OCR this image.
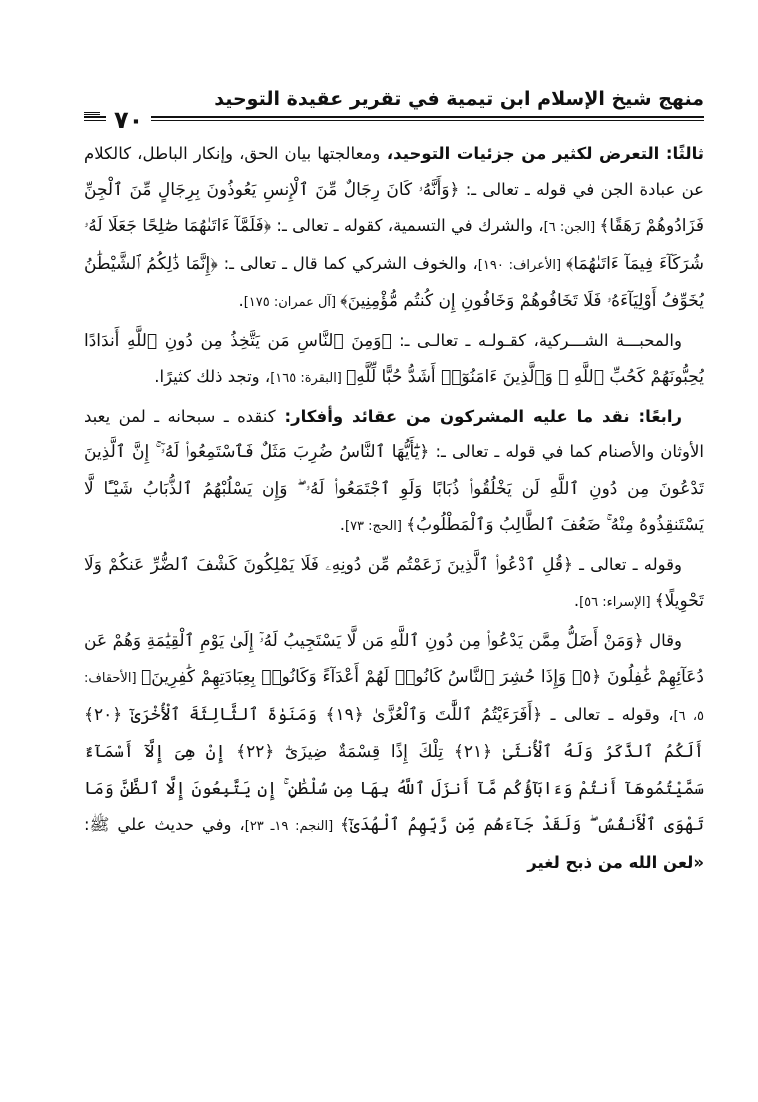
منهج شيخ الإسلام ابن تيمية في تقرير عقيدة التوحيد
٧٠

ثالثًا: التعرض لكثير من جزئيات التوحيد، ومعالجتها بيان الحق، وإنكار الباطل، كالكلام عن عبادة الجن في قوله ـ تعالى ـ: ﴿وَأَنَّهُۥ كَانَ رِجَالٌ مِّنَ ٱلْإِنسِ يَعُوذُونَ بِرِجَالٍ مِّنَ ٱلْجِنِّ فَزَادُوهُمْ رَهَقًا﴾ [الجن: ٦]، والشرك في التسمية، كقوله ـ تعالى ـ: ﴿فَلَمَّآ ءَاتَىٰهُمَا صَٰلِحًا جَعَلَا لَهُۥ شُرَكَآءَ فِيمَآ ءَاتَىٰهُمَا﴾ [الأعراف: ١٩٠]، والخوف الشركي كما قال ـ تعالى ـ: ﴿إِنَّمَا ذَٰلِكُمُ ٱلشَّيْطَٰنُ يُخَوِّفُ أَوْلِيَآءَهُۥ فَلَا تَخَافُوهُمْ وَخَافُونِ إِن كُنتُم مُّؤْمِنِينَ﴾ [آل عمران: ١٧٥].

والمحبـــة الشـــركية، كقـولـه ـ تعالـى ـ: ﴿وَمِنَ ٱلنَّاسِ مَن يَتَّخِذُ مِن دُونِ ٱللَّهِ أَندَادًا يُحِبُّونَهُمْ كَحُبِّ ٱللَّهِ ۖ وَٱلَّذِينَ ءَامَنُوٓا۟ أَشَدُّ حُبًّا لِّلَّهِ﴾ [البقرة: ١٦٥]، وتجد ذلك كثيرًا.

رابعًا: نقد ما عليه المشركون من عقائد وأفكار: كنقده ـ سبحانه ـ لمن يعبد الأوثان والأصنام كما في قوله ـ تعالى ـ: ﴿يَٰٓأَيُّهَا ٱلنَّاسُ ضُرِبَ مَثَلٌ فَٱسْتَمِعُوا۟ لَهُۥٓ ۚ إِنَّ ٱلَّذِينَ تَدْعُونَ مِن دُونِ ٱللَّهِ لَن يَخْلُقُوا۟ ذُبَابًا وَلَوِ ٱجْتَمَعُوا۟ لَهُۥ ۖ وَإِن يَسْلُبْهُمُ ٱلذُّبَابُ شَيْـًٔا لَّا يَسْتَنقِذُوهُ مِنْهُ ۚ ضَعُفَ ٱلطَّالِبُ وَٱلْمَطْلُوبُ﴾ [الحج: ٧٣].

وقوله ـ تعالى ـ ﴿قُلِ ٱدْعُوا۟ ٱلَّذِينَ زَعَمْتُم مِّن دُونِهِۦ فَلَا يَمْلِكُونَ كَشْفَ ٱلضُّرِّ عَنكُمْ وَلَا تَحْوِيلًا﴾ [الإسراء: ٥٦].

وقال ﴿وَمَنْ أَضَلُّ مِمَّن يَدْعُوا۟ مِن دُونِ ٱللَّهِ مَن لَّا يَسْتَجِيبُ لَهُۥٓ إِلَىٰ يَوْمِ ٱلْقِيَٰمَةِ وَهُمْ عَن دُعَآئِهِمْ غَٰفِلُونَ ﴿٥﴾ وَإِذَا حُشِرَ ٱلنَّاسُ كَانُوا۟ لَهُمْ أَعْدَآءً وَكَانُوا۟ بِعِبَادَتِهِمْ كَٰفِرِينَ﴾ [الأحقاف: ٥، ٦]، وقوله ـ تعالى ـ ﴿أَفَرَءَيْتُمُ ٱللَّٰتَ وَٱلْعُزَّىٰ ﴿١٩﴾ وَمَنَوٰةَ ٱلثَّالِثَةَ ٱلْأُخْرَىٰٓ ﴿٢٠﴾ أَلَكُمُ ٱلذَّكَرُ وَلَهُ ٱلْأُنثَىٰ ﴿٢١﴾ تِلْكَ إِذًا قِسْمَةٌ ضِيزَىٰٓ ﴿٢٢﴾ إِنْ هِىَ إِلَّآ أَسْمَآءٌ سَمَّيْتُمُوهَآ أَنتُمْ وَءَابَآؤُكُم مَّآ أَنزَلَ ٱللَّهُ بِهَا مِن سُلْطَٰنٍ ۚ إِن يَتَّبِعُونَ إِلَّا ٱلظَّنَّ وَمَا تَهْوَى ٱلْأَنفُسُ ۖ وَلَقَدْ جَآءَهُم مِّن رَّبِّهِمُ ٱلْهُدَىٰٓ﴾ [النجم: ١٩ـ ٢٣]، وفي حديث علي ﷺ: «لعن الله من ذبح لغير
